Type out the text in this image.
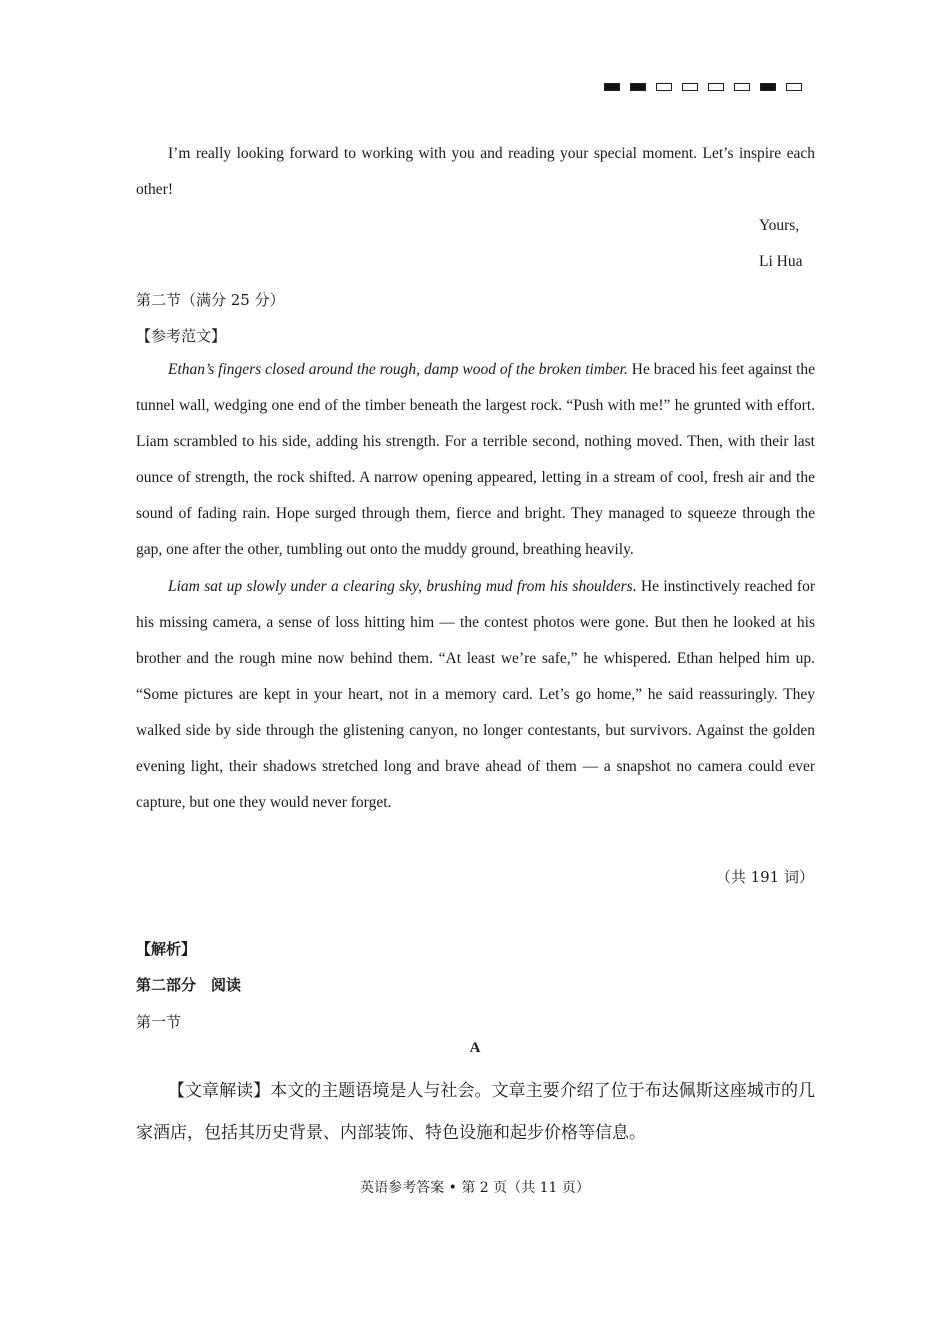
I’m really looking forward to working with you and reading your special moment. Let’s inspire each other!

Yours,
Li Hua
第二节（满分 25 分）
【参考范文】

Ethan’s fingers closed around the rough, damp wood of the broken timber. He braced his feet against the tunnel wall, wedging one end of the timber beneath the largest rock. “Push with me!” he grunted with effort. Liam scrambled to his side, adding his strength. For a terrible second, nothing moved. Then, with their last ounce of strength, the rock shifted. A narrow opening appeared, letting in a stream of cool, fresh air and the sound of fading rain. Hope surged through them, fierce and bright. They managed to squeeze through the gap, one after the other, tumbling out onto the muddy ground, breathing heavily.

Liam sat up slowly under a clearing sky, brushing mud from his shoulders. He instinctively reached for his missing camera, a sense of loss hitting him — the contest photos were gone. But then he looked at his brother and the rough mine now behind them. “At least we’re safe,” he whispered. Ethan helped him up. “Some pictures are kept in your heart, not in a memory card. Let’s go home,” he said reassuringly. They walked side by side through the glistening canyon, no longer contestants, but survivors. Against the golden evening light, their shadows stretched long and brave ahead of them — a snapshot no camera could ever capture, but one they would never forget.

（共 191 词）
【解析】
第二部分　阅读
第一节
A

【文章解读】本文的主题语境是人与社会。文章主要介绍了位于布达佩斯这座城市的几家酒店，包括其历史背景、内部装饰、特色设施和起步价格等信息。

英语参考答案 • 第 2 页（共 11 页）
